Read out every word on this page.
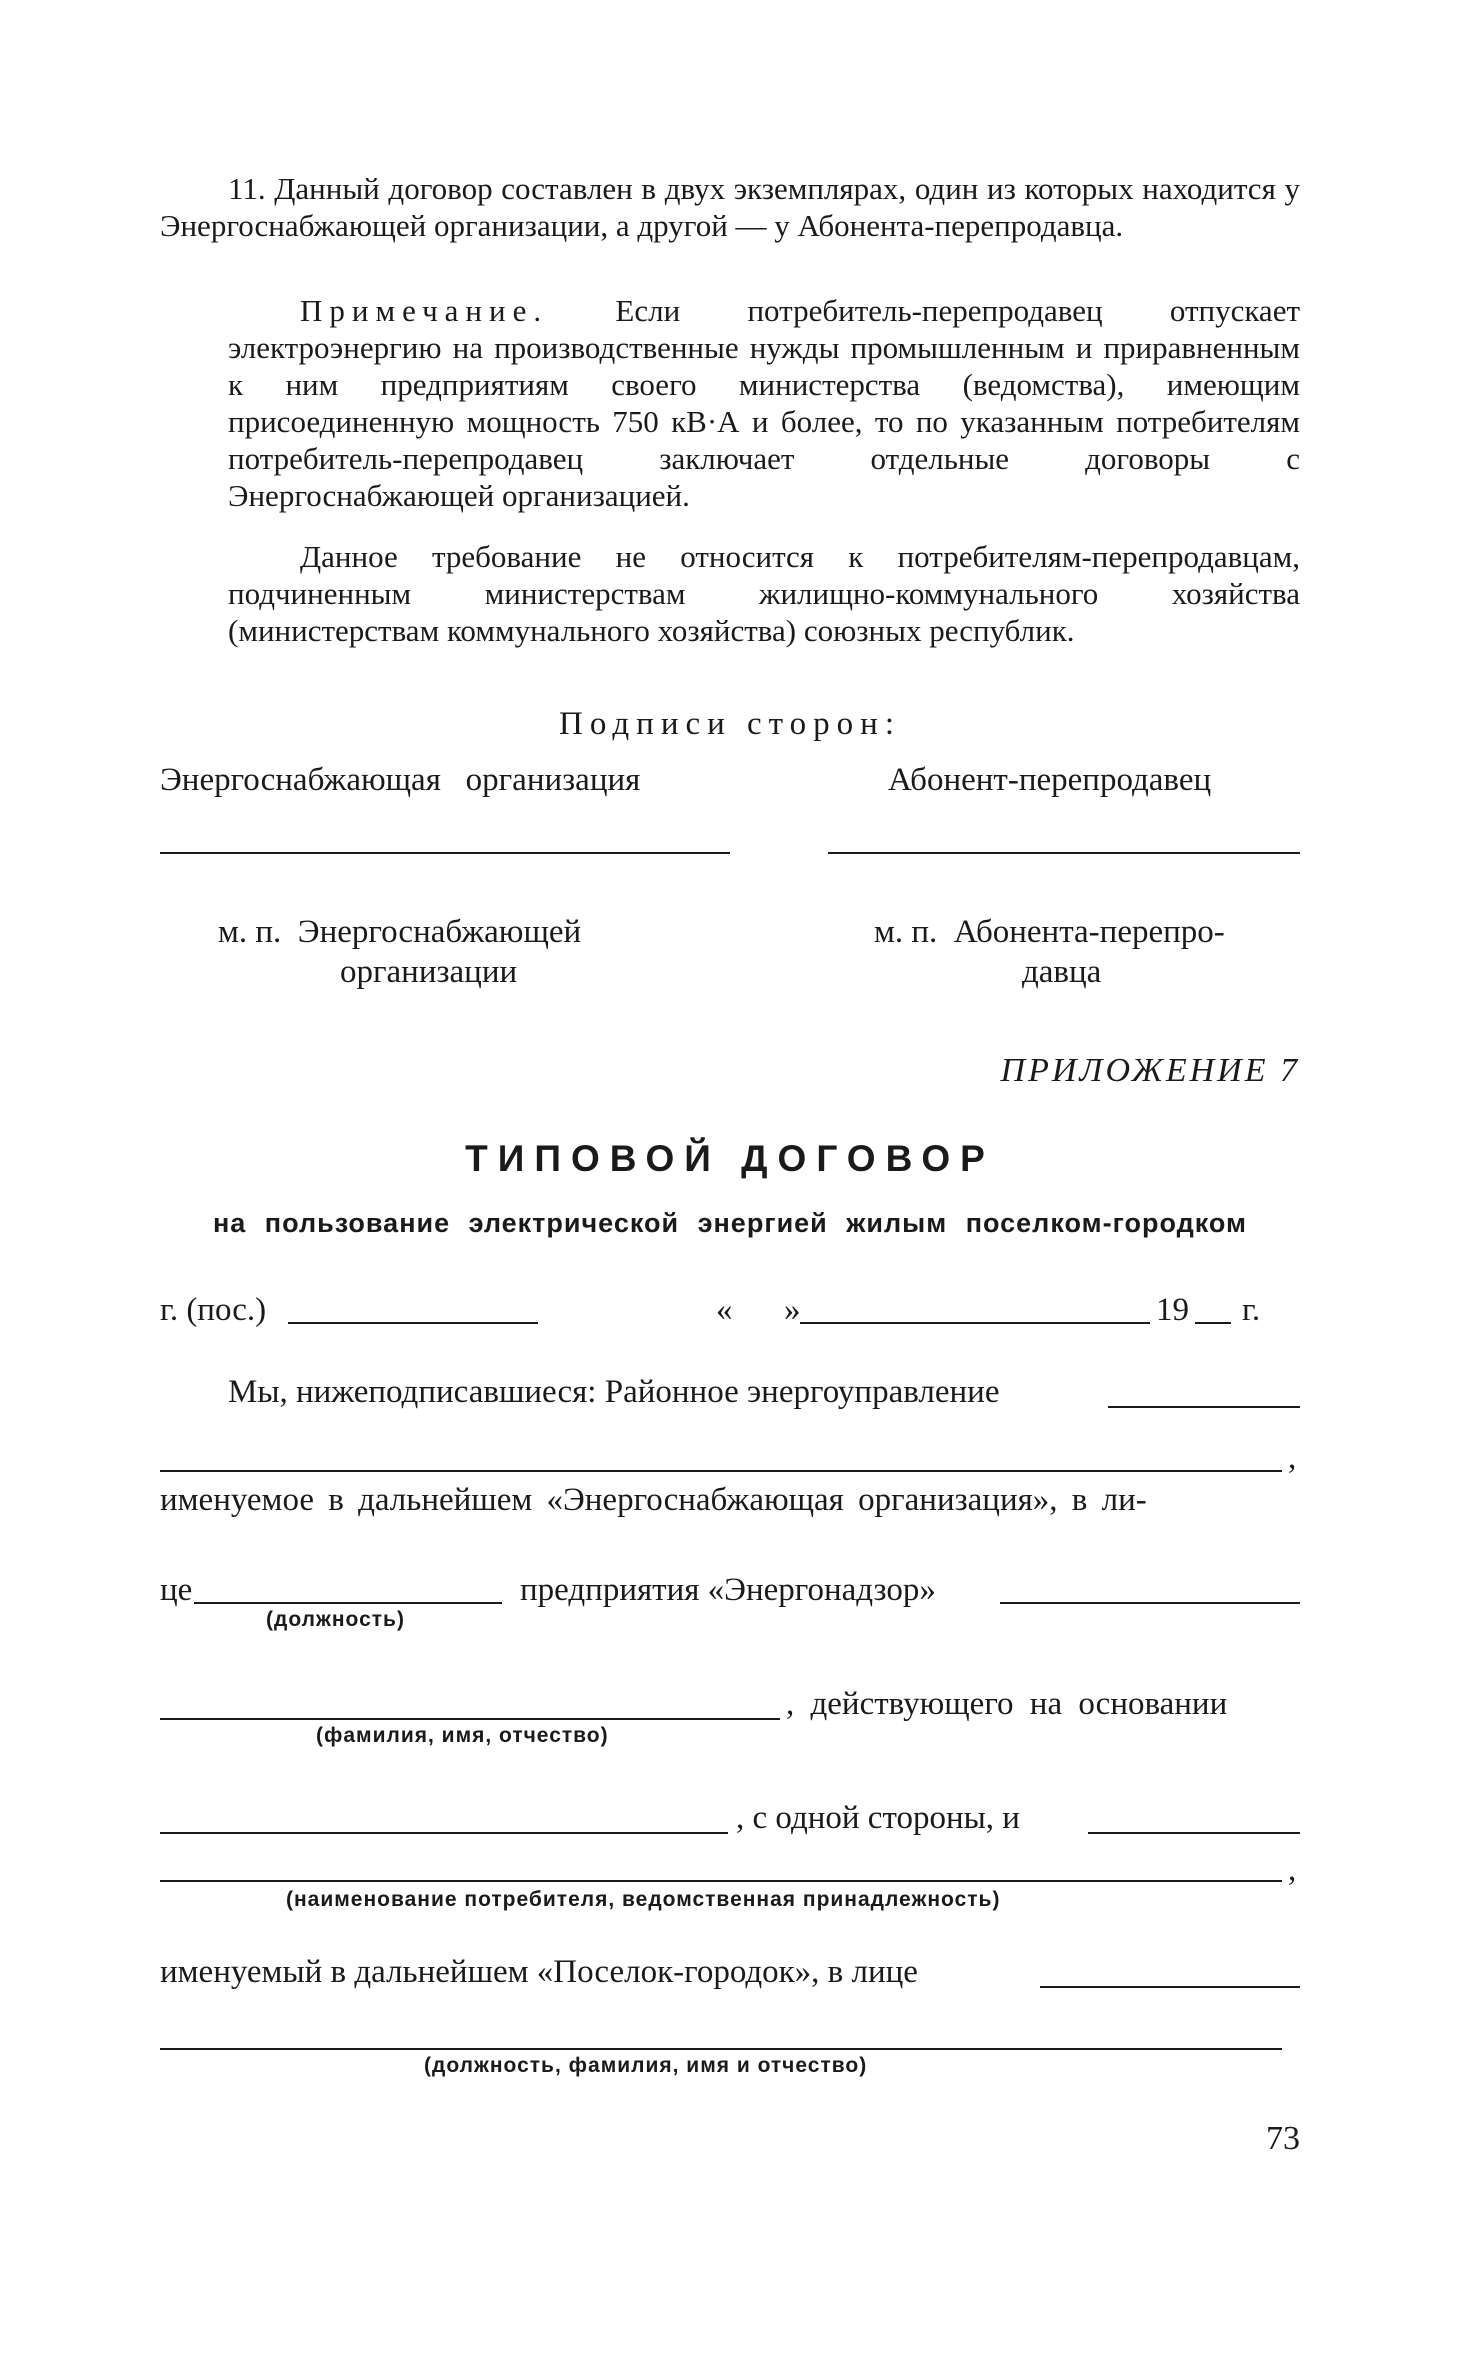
11. Данный договор составлен в двух экземплярах, один из которых находится у Энергоснабжающей организации, а другой — у Абонента-перепродавца.

Примечание. Если потребитель-перепродавец отпускает электроэнергию на производственные нужды промышленным и приравненным к ним предприятиям своего министерства (ведомства), имеющим присоединенную мощность 750 кВ·А и более, то по указанным потребителям потребитель-перепродавец заключает отдельные договоры с Энергоснабжающей организацией.

Данное требование не относится к потребителям-перепродавцам, подчиненным министерствам жилищно-коммунального хозяйства (министерствам коммунального хозяйства) союзных республик.

Подписи сторон:
Энергоснабжающая   организация	Абонент-перепродавец
м. п.  Энергоснабжающей
организации
м. п.  Абонента-перепро-
давца
ПРИЛОЖЕНИЕ 7
ТИПОВОЙ ДОГОВОР
на пользование электрической энергией жилым поселком-городком
г. (пос.)	« »	19 г.
Мы, нижеподписавшиеся: Районное энергоуправление
,
именуемое в дальнейшем «Энергоснабжающая организация», в ли-
це
(должность)
предприятия «Энергонадзор»
(фамилия, имя, отчество)
, действующего на основании
, с одной стороны, и
,
(наименование потребителя, ведомственная принадлежность)
именуемый в дальнейшем «Поселок-городок», в лице
(должность, фамилия, имя и отчество)
73
